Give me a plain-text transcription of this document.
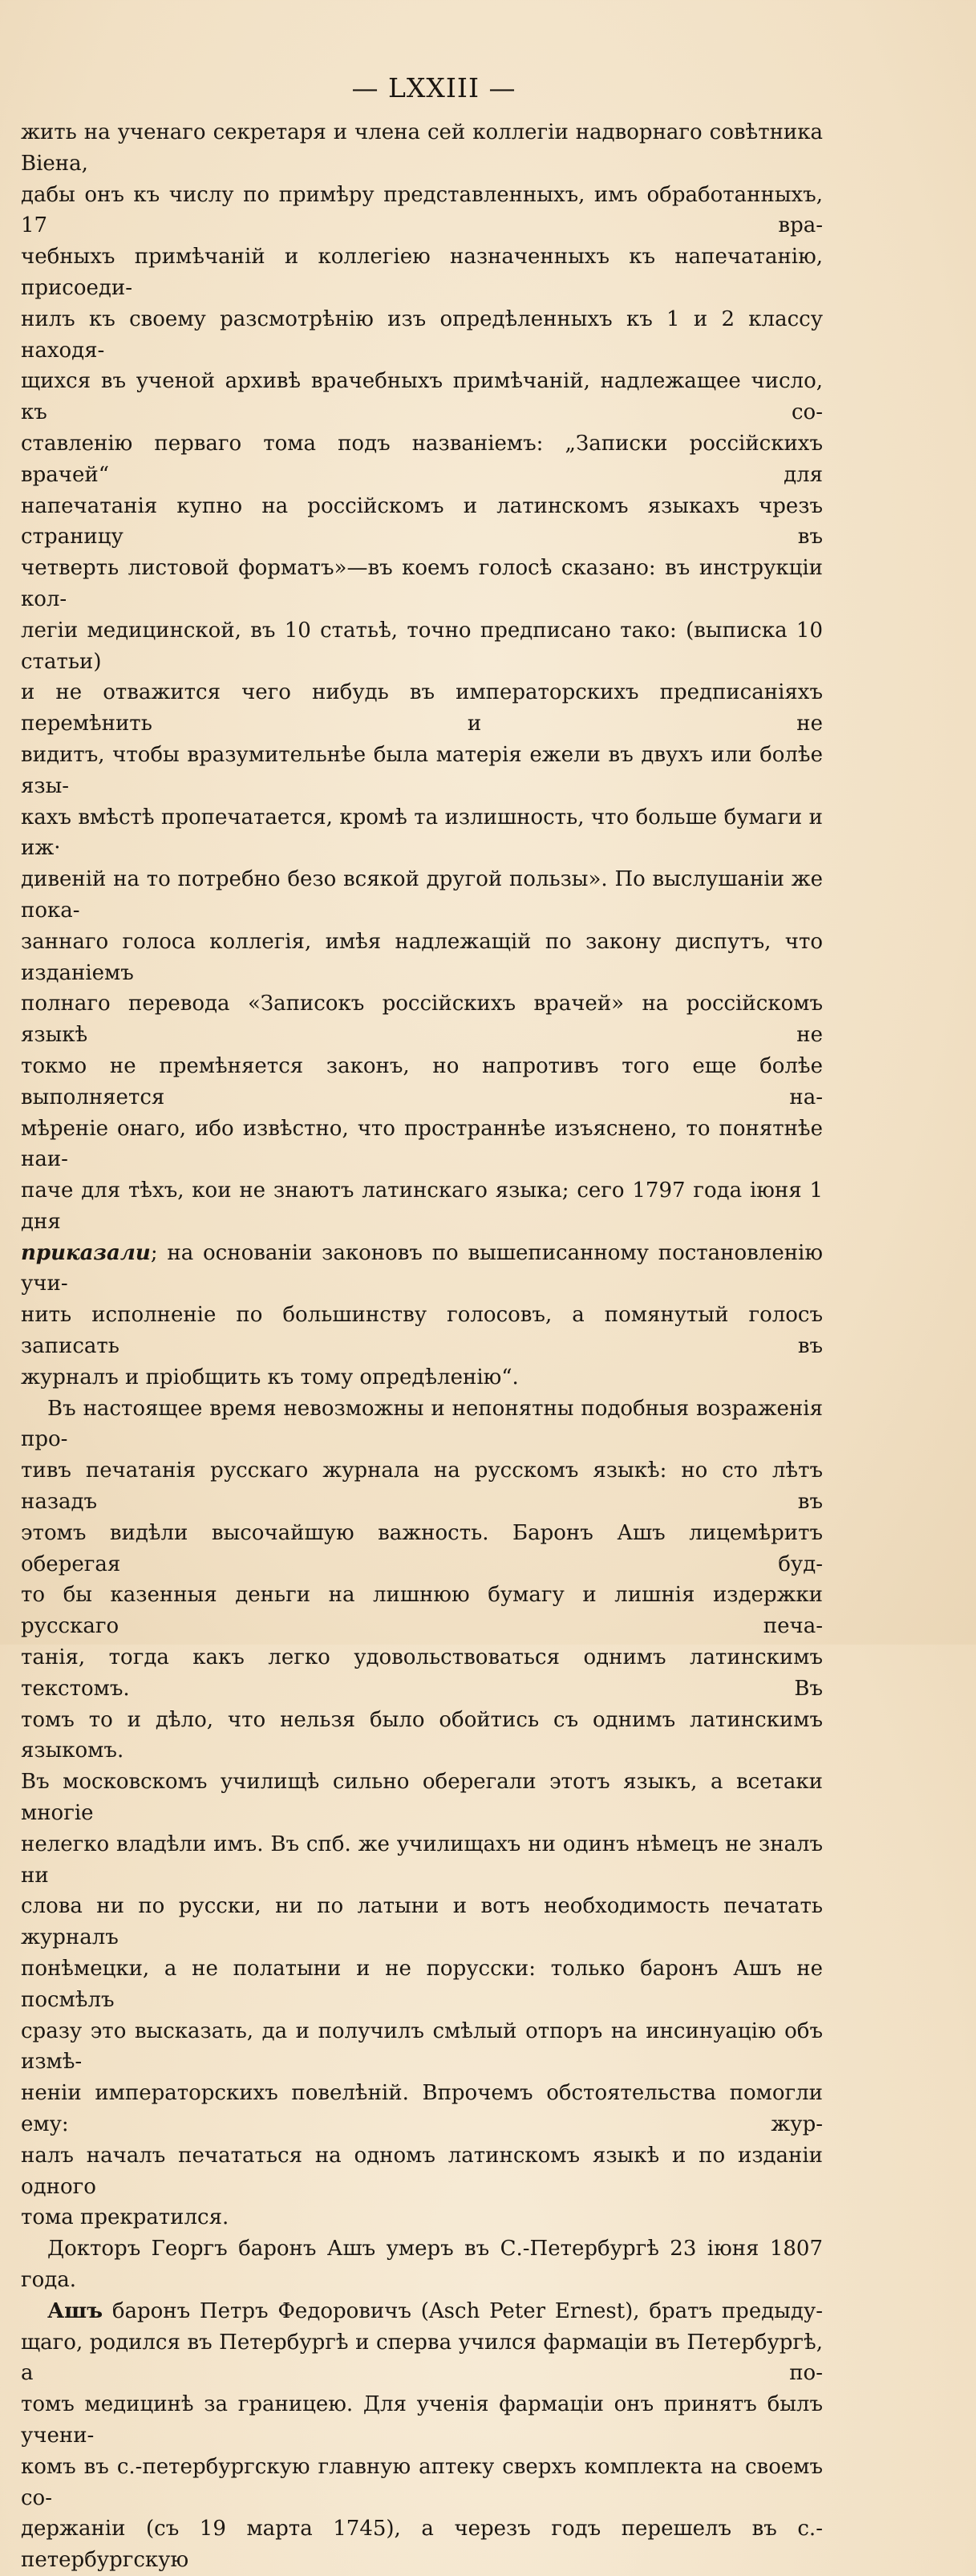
— LXXIII —

жить на ученаго секретаря и члена сей коллегіи надворнаго совѣтника Віена,

дабы онъ къ числу по примѣру представленныхъ, имъ обработанныхъ, 17 вра-

чебныхъ примѣчаній и коллегіею назначенныхъ къ напечатанію, присоеди-

нилъ къ своему разсмотрѣнію изъ опредѣленныхъ къ 1 и 2 классу находя-

щихся въ ученой архивѣ врачебныхъ примѣчаній, надлежащее число, къ со-

ставленію перваго тома подъ названіемъ: „Записки россійскихъ врачей“ для

напечатанія купно на россійскомъ и латинскомъ языкахъ чрезъ страницу въ

четверть листовой форматъ»—въ коемъ голосѣ сказано: въ инструкціи кол-

легіи медицинской, въ 10 статьѣ, точно предписано тако: (выписка 10 статьи)

и не отважится чего нибудь въ императорскихъ предписаніяхъ перемѣнить и не

видитъ, чтобы вразумительнѣе была матерія ежели въ двухъ или болѣе язы-

кахъ вмѣстѣ пропечатается, кромѣ та излишность, что больше бумаги и иж·

дивеній на то потребно безо всякой другой пользы». По выслушаніи же пока-

заннаго голоса коллегія, имѣя надлежащій по закону диспутъ, что изданіемъ

полнаго перевода «Записокъ россійскихъ врачей» на россійскомъ языкѣ не

токмо не премѣняется законъ, но напротивъ того еще болѣе выполняется на-

мѣреніе онаго, ибо извѣстно, что пространнѣе изъяснено, то понятнѣе наи-

паче для тѣхъ, кои не знаютъ латинскаго языка; сего 1797 года іюня 1 дня

приказали; на основаніи законовъ по вышеписанному постановленію учи-

нить исполненіе по большинству голосовъ, а помянутый голосъ записать въ

журналъ и пріобщить къ тому опредѣленію“.

Въ настоящее время невозможны и непонятны подобныя возраженія про-

тивъ печатанія русскаго журнала на русскомъ языкѣ: но сто лѣтъ назадъ въ

этомъ видѣли высочайшую важность. Баронъ Ашъ лицемѣритъ оберегая буд-

то бы казенныя деньги на лишнюю бумагу и лишнія издержки русскаго печа-

танія, тогда какъ легко удовольствоваться однимъ латинскимъ текстомъ. Въ

томъ то и дѣло, что нельзя было обойтись съ однимъ латинскимъ языкомъ.

Въ московскомъ училищѣ сильно оберегали этотъ языкъ, а всетаки многіе

нелегко владѣли имъ. Въ спб. же училищахъ ни одинъ нѣмецъ не зналъ ни

слова ни по русски, ни по латыни и вотъ необходимость печатать журналъ

понѣмецки, а не полатыни и не порусски: только баронъ Ашъ не посмѣлъ

сразу это высказать, да и получилъ смѣлый отпоръ на инсинуацію объ измѣ-

неніи императорскихъ повелѣній. Впрочемъ обстоятельства помогли ему: жур-

налъ началъ печататься на одномъ латинскомъ языкѣ и по изданіи одного

тома прекратился.

Докторъ Георгъ баронъ Ашъ умеръ въ С.-Петербургѣ 23 іюня 1807 года.

Ашъ баронъ Петръ Федоровичъ (Asch Peter Ernest), братъ предыду-

щаго, родился въ Петербургѣ и сперва учился фармаціи въ Петербургѣ, а по-

томъ медицинѣ за границею. Для ученія фармаціи онъ принятъ былъ учени-

комъ въ с.-петербургскую главную аптеку сверхъ комплекта на своемъ со-

держаніи (съ 19 марта 1745), а черезъ годъ перешелъ въ с.-петербургскую
